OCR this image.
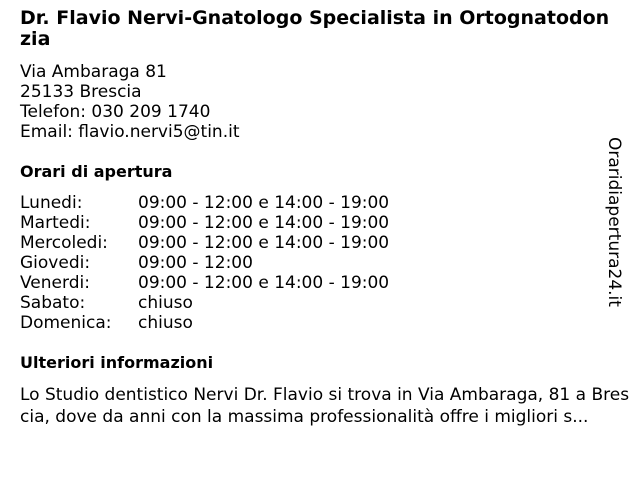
Dr. Flavio Nervi-Gnatologo Specialista in Ortognatodonzia
Via Ambaraga 81
25133 Brescia
Telefon: 030 209 1740
Email: flavio.nervi5@tin.it
Orari di apertura
Lunedi:	09:00 - 12:00 e 14:00 - 19:00
Martedi:	09:00 - 12:00 e 14:00 - 19:00
Mercoledi:	09:00 - 12:00 e 14:00 - 19:00
Giovedi:	09:00 - 12:00
Venerdi:	09:00 - 12:00 e 14:00 - 19:00
Sabato:	chiuso
Domenica:	chiuso
Ulteriori informazioni
Lo Studio dentistico Nervi Dr. Flavio si trova in Via Ambaraga, 81 a Brescia, dove da anni con la massima professionalità offre i migliori s...
Oraridiapertura24.it
